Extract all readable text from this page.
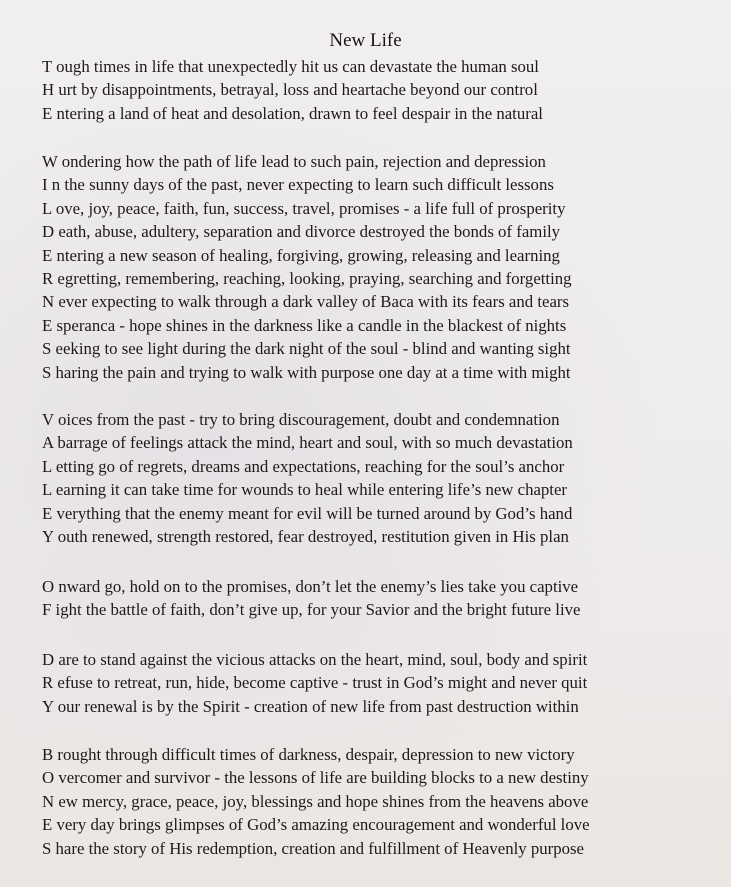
New Life
T ough times in life that unexpectedly hit us can devastate the human soul
H urt by disappointments, betrayal, loss and heartache beyond our control
E ntering a land of heat and desolation, drawn to feel despair in the natural
W ondering how the path of life lead to such pain, rejection and depression
I n the sunny days of the past, never expecting to learn such difficult lessons
L ove, joy, peace, faith, fun, success, travel, promises - a life full of prosperity
D eath, abuse, adultery, separation and divorce destroyed the bonds of family
E ntering a new season of healing, forgiving, growing, releasing and learning
R egretting, remembering, reaching, looking, praying, searching and forgetting
N ever expecting to walk through a dark valley of Baca with its fears and tears
E speranca - hope shines in the darkness like a candle in the blackest of nights
S eeking to see light during the dark night of the soul - blind and wanting sight
S haring the pain and trying to walk with purpose one day at a time with might
V oices from the past - try to bring discouragement, doubt and condemnation
A barrage of feelings attack the mind, heart and soul, with so much devastation
L etting go of regrets, dreams and expectations, reaching for the soul’s anchor
L earning it can take time for wounds to heal while entering life’s new chapter
E verything that the enemy meant for evil will be turned around by God’s hand
Y outh renewed, strength restored, fear destroyed, restitution given in His plan
O nward go, hold on to the promises, don’t let the enemy’s lies take you captive
F ight the battle of faith, don’t give up, for your Savior and the bright future live
D are to stand against the vicious attacks on the heart, mind, soul, body and spirit
R efuse to retreat, run, hide, become captive - trust in God’s might and never quit
Y our renewal is by the Spirit - creation of new life from past destruction within
B rought through difficult times of darkness, despair, depression to new victory
O vercomer and survivor - the lessons of life are building blocks to a new destiny
N ew mercy, grace, peace, joy, blessings and hope shines from the heavens above
E very day brings glimpses of God’s amazing encouragement and wonderful love
S hare the story of His redemption, creation and fulfillment of Heavenly purpose
